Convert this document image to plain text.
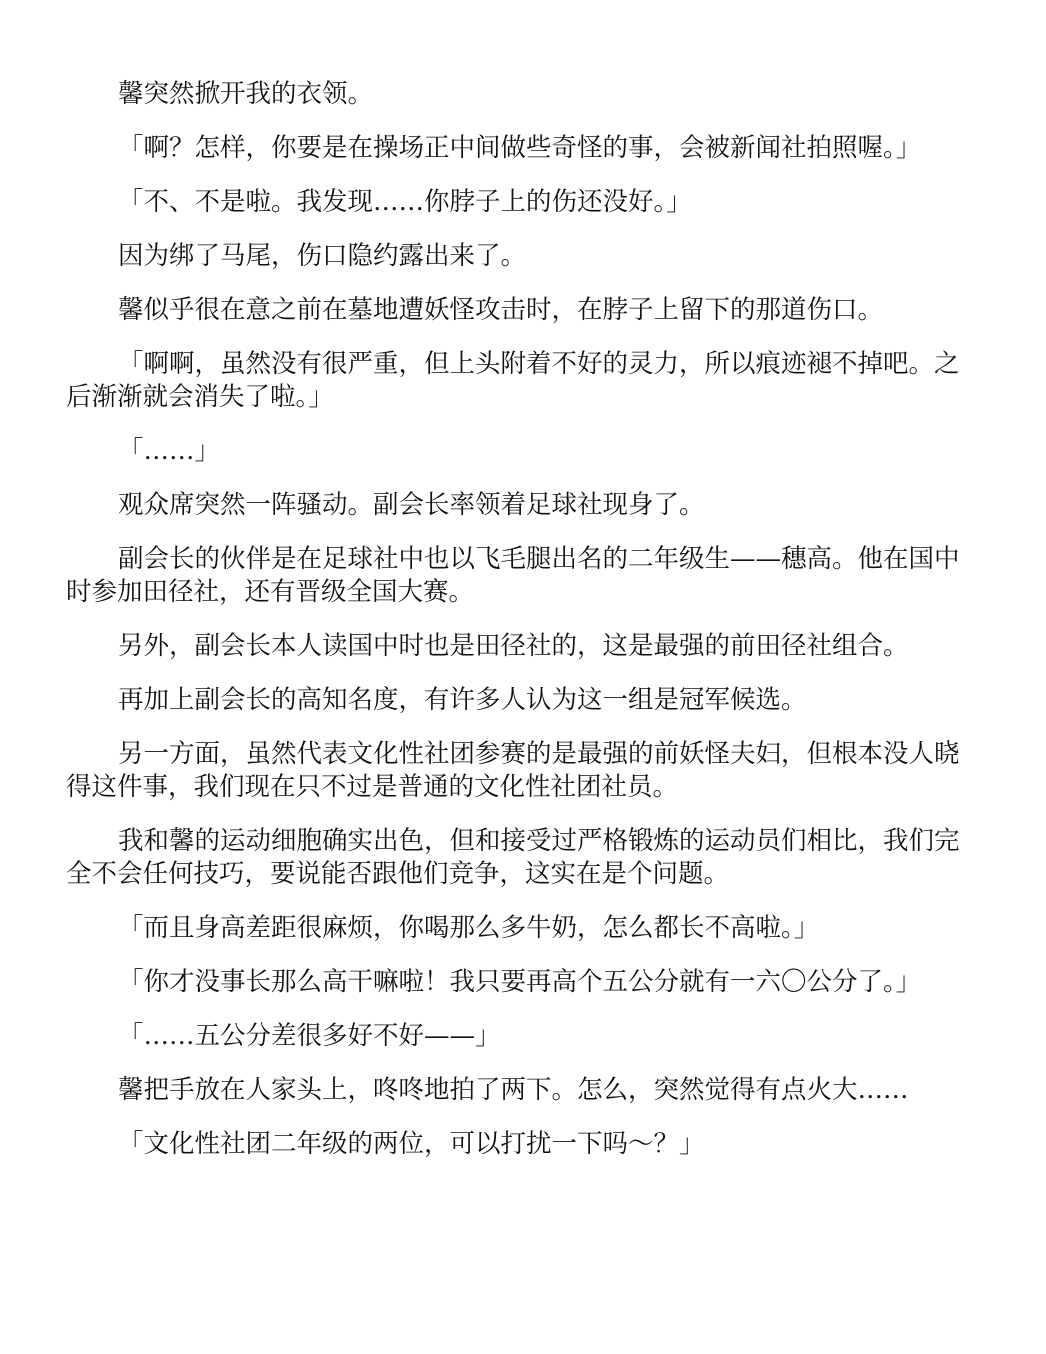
馨突然掀开我的衣领。

「啊？怎样，你要是在操场正中间做些奇怪的事，会被新闻社拍照喔。」

「不、不是啦。我发现……你脖子上的伤还没好。」

因为绑了马尾，伤口隐约露出来了。

馨似乎很在意之前在墓地遭妖怪攻击时，在脖子上留下的那道伤口。

「啊啊，虽然没有很严重，但上头附着不好的灵力，所以痕迹褪不掉吧。之后渐渐就会消失了啦。」

「……」

观众席突然一阵骚动。副会长率领着足球社现身了。

副会长的伙伴是在足球社中也以飞毛腿出名的二年级生——穗高。他在国中时参加田径社，还有晋级全国大赛。

另外，副会长本人读国中时也是田径社的，这是最强的前田径社组合。

再加上副会长的高知名度，有许多人认为这一组是冠军候选。

另一方面，虽然代表文化性社团参赛的是最强的前妖怪夫妇，但根本没人晓得这件事，我们现在只不过是普通的文化性社团社员。

我和馨的运动细胞确实出色，但和接受过严格锻炼的运动员们相比，我们完全不会任何技巧，要说能否跟他们竞争，这实在是个问题。

「而且身高差距很麻烦，你喝那么多牛奶，怎么都长不高啦。」

「你才没事长那么高干嘛啦！我只要再高个五公分就有一六〇公分了。」

「……五公分差很多好不好——」

馨把手放在人家头上，咚咚地拍了两下。怎么，突然觉得有点火大……

「文化性社团二年级的两位，可以打扰一下吗～？」
